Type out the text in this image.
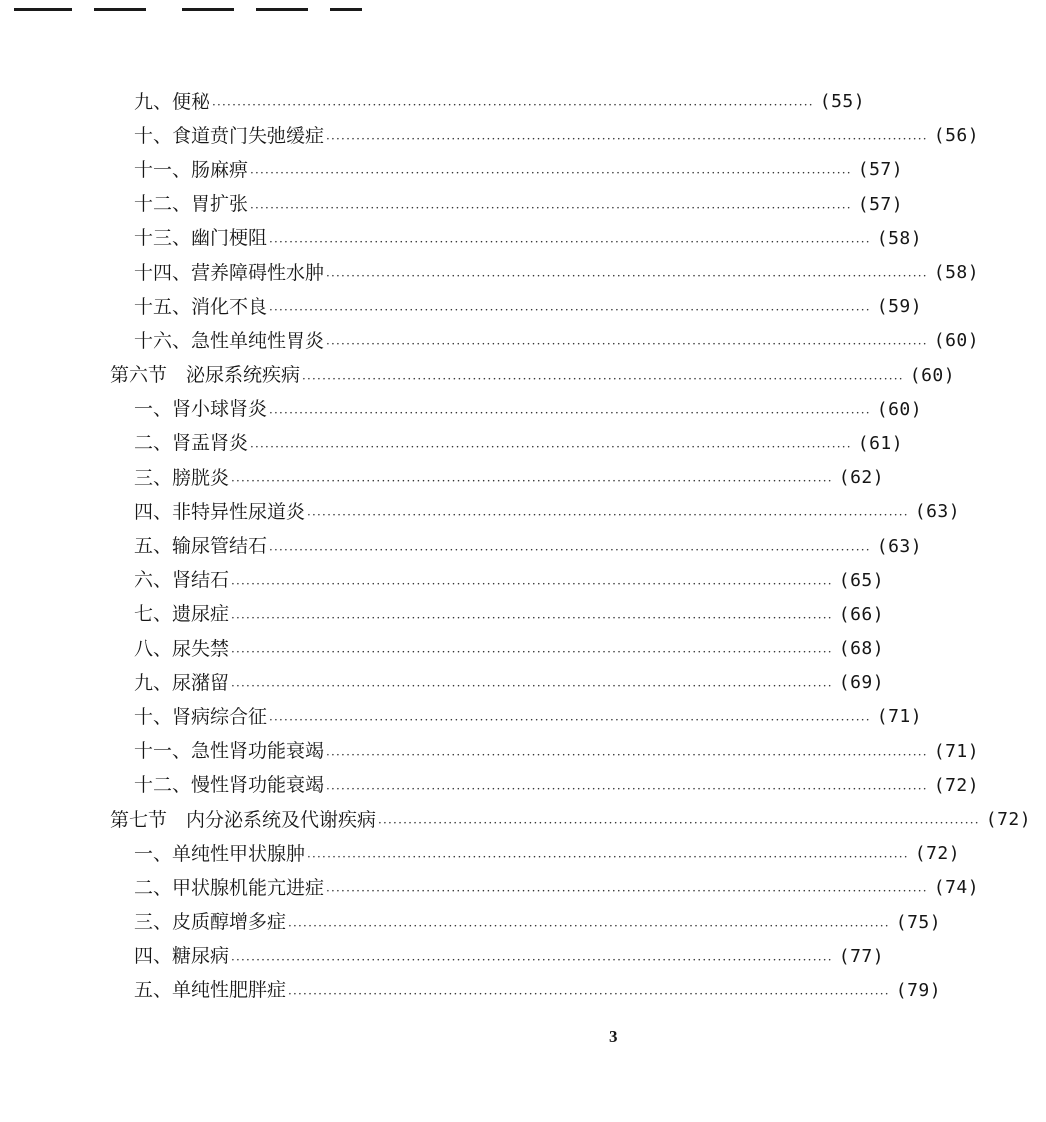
九、便秘 ························································································································ (55)
十、食道贲门失弛缓症 ························································································································ (56)
十一、肠麻痹 ························································································································ (57)
十二、胃扩张 ························································································································ (57)
十三、幽门梗阻 ························································································································ (58)
十四、营养障碍性水肿 ························································································································ (58)
十五、消化不良 ························································································································ (59)
十六、急性单纯性胃炎 ························································································································ (60)
第六节　泌尿系统疾病 ························································································································ (60)
一、肾小球肾炎 ························································································································ (60)
二、肾盂肾炎 ························································································································ (61)
三、膀胱炎 ························································································································ (62)
四、非特异性尿道炎 ························································································································ (63)
五、输尿管结石 ························································································································ (63)
六、肾结石 ························································································································ (65)
七、遗尿症 ························································································································ (66)
八、尿失禁 ························································································································ (68)
九、尿潴留 ························································································································ (69)
十、肾病综合征 ························································································································ (71)
十一、急性肾功能衰竭 ························································································································ (71)
十二、慢性肾功能衰竭 ························································································································ (72)
第七节　内分泌系统及代谢疾病 ························································································································ (72)
一、单纯性甲状腺肿 ························································································································ (72)
二、甲状腺机能亢进症 ························································································································ (74)
三、皮质醇增多症 ························································································································ (75)
四、糖尿病 ························································································································ (77)
五、单纯性肥胖症 ························································································································ (79)
3
